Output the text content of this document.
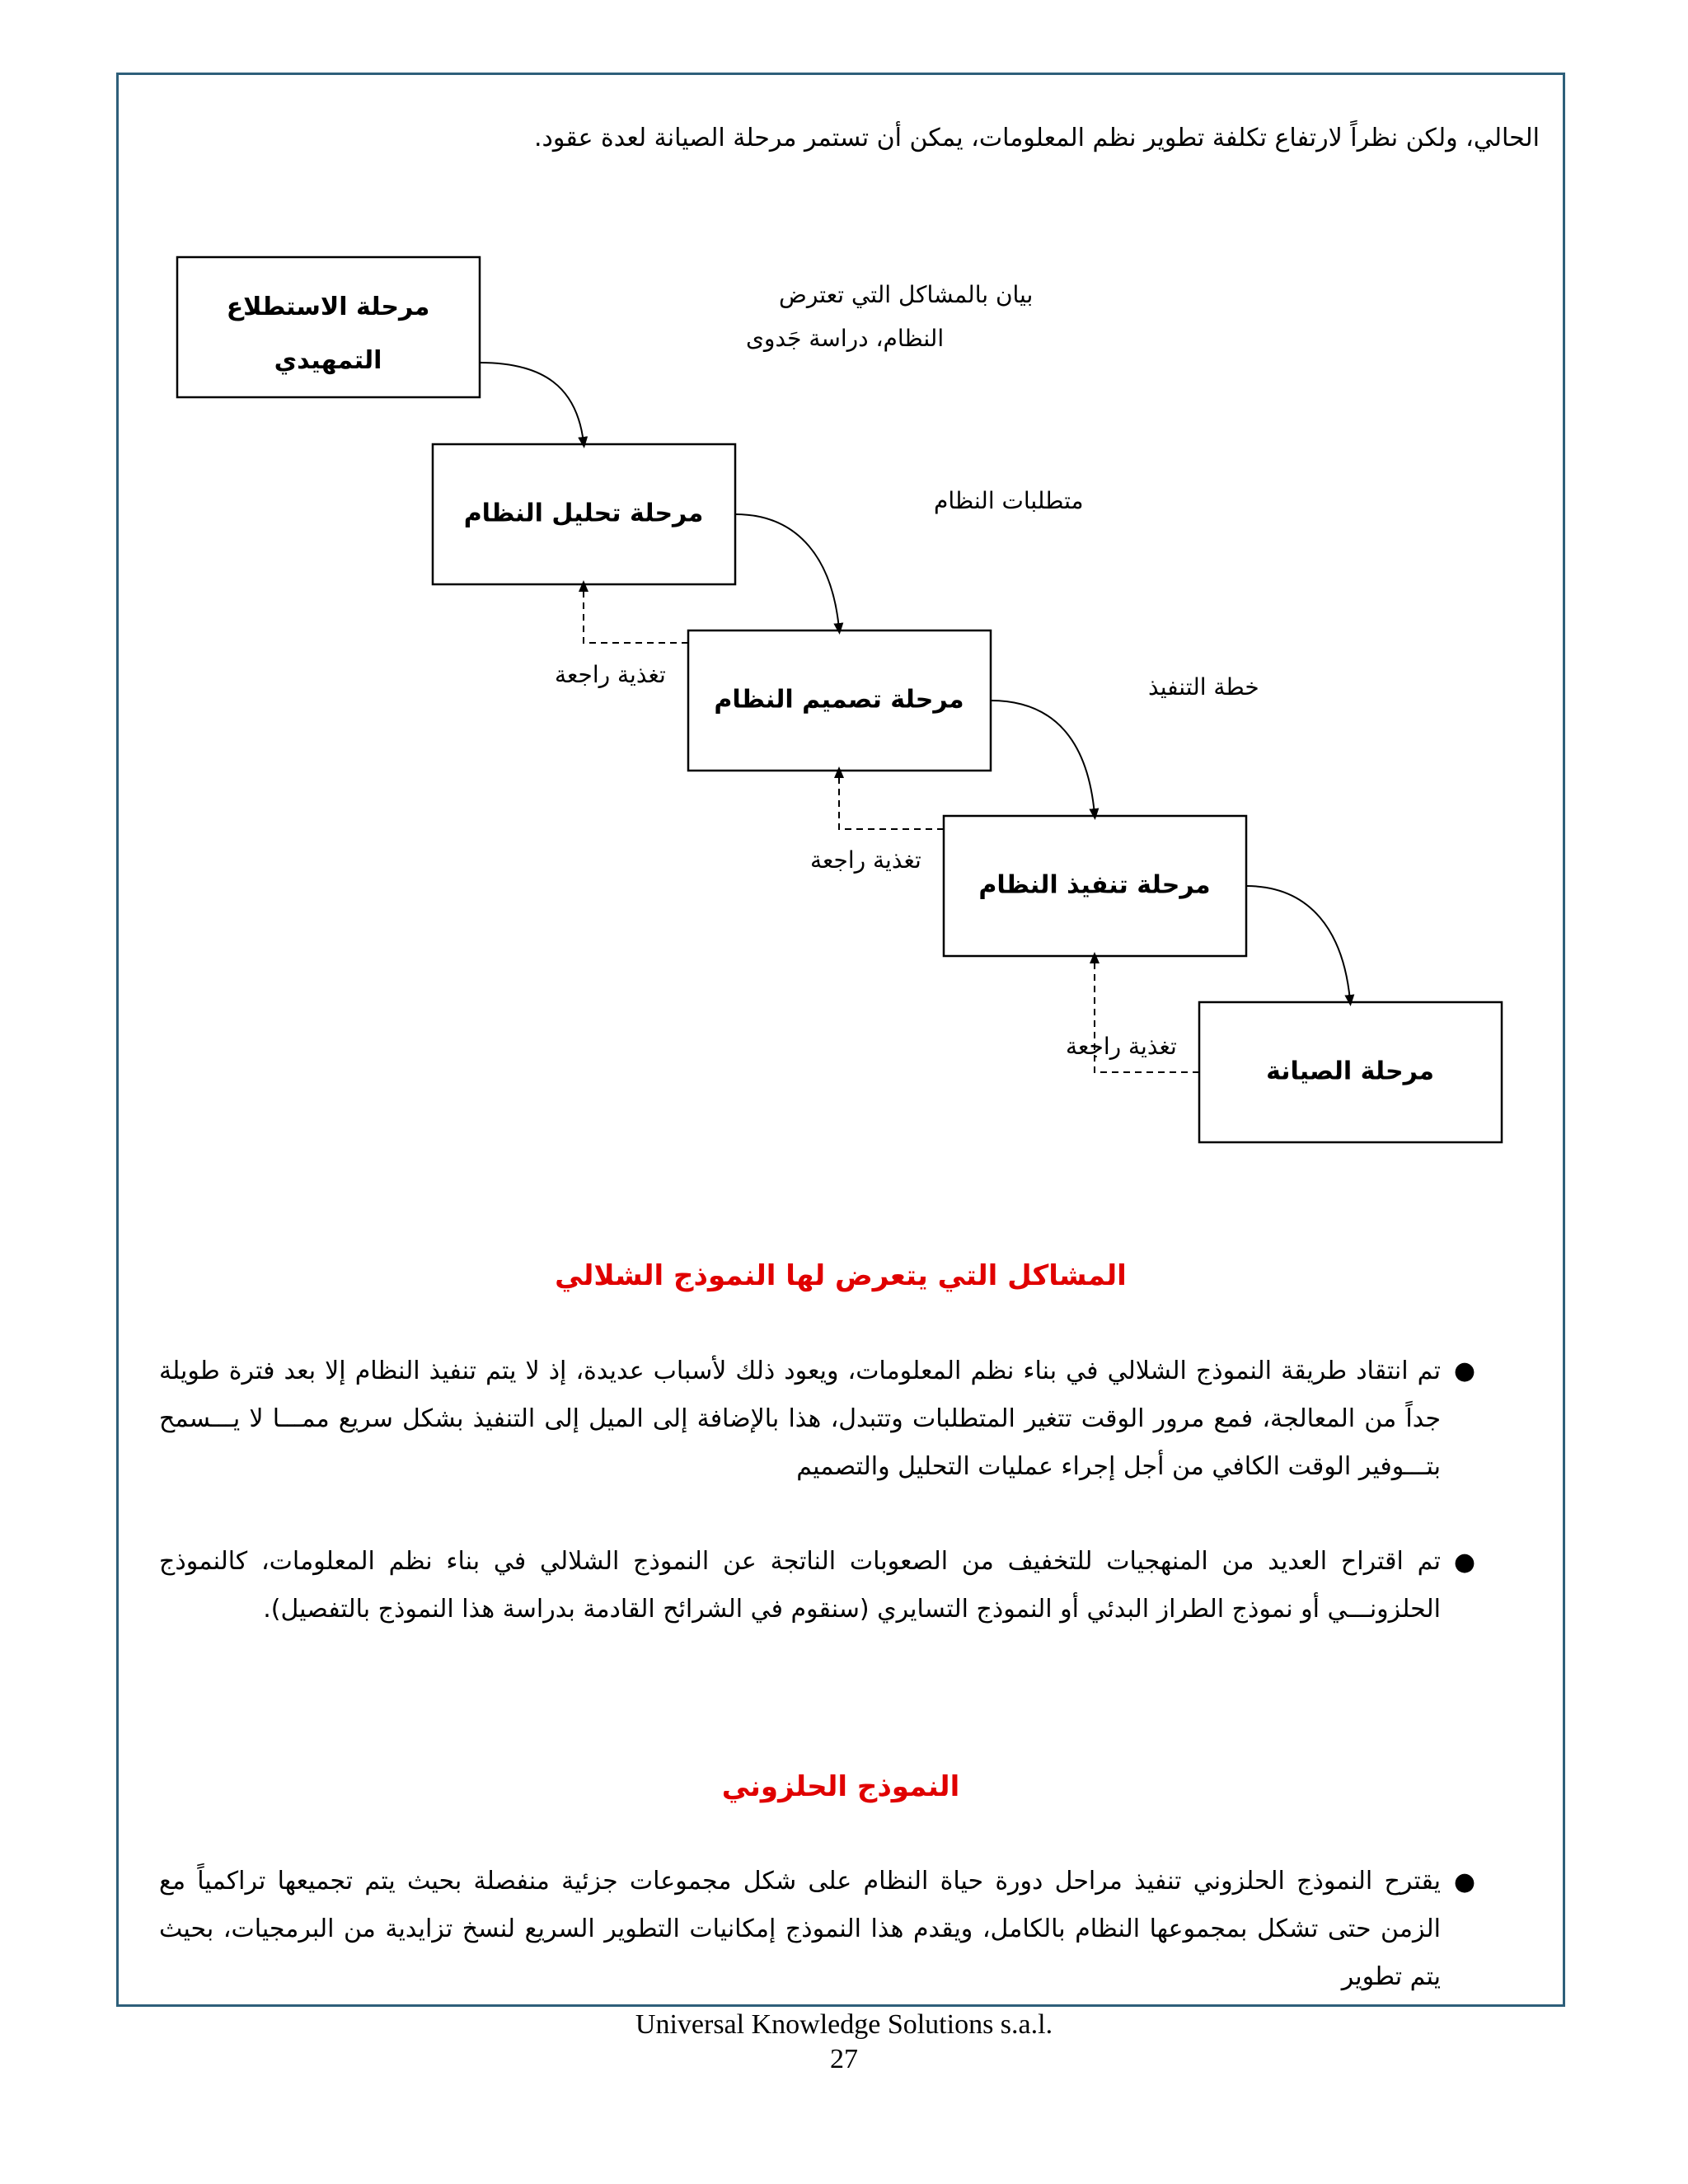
الحالي، ولكن نظراً لارتفاع تكلفة تطوير نظم المعلومات، يمكن أن تستمر مرحلة الصيانة لعدة عقود.
مرحلة الاستطلاع
التمهيدي
مرحلة تحليل النظام
مرحلة تصميم النظام
مرحلة تنفيذ النظام
مرحلة الصيانة
بيان بالمشاكل التي تعترض
النظام، دراسة جَدوى
متطلبات النظام
خطة التنفيذ
تغذية راجعة
تغذية راجعة
تغذية راجعة
المشاكل التي يتعرض لها النموذج الشلالي
●
تم انتقاد طريقة النموذج الشلالي في بناء نظم المعلومات، ويعود ذلك لأسباب عديدة، إذ لا يتم تنفيذ النظام إلا بعد فترة طويلة جداً من المعالجة، فمع مرور الوقت تتغير المتطلبات وتتبدل، هذا بالإضافة إلى الميل إلى التنفيذ بشكل سريع ممـــا لا يـــسمح بتـــوفير الوقت الكافي من أجل إجراء عمليات التحليل والتصميم
●
تم اقتراح العديد من المنهجيات للتخفيف من الصعوبات الناتجة عن النموذج الشلالي في بناء نظم المعلومات، كالنموذج الحلزونـــي أو نموذج الطراز البدئي أو النموذج التسايري (سنقوم في الشرائح القادمة بدراسة هذا النموذج بالتفصيل).
النموذج الحلزوني
●
يقترح النموذج الحلزوني تنفيذ مراحل دورة حياة النظام على شكل مجموعات جزئية منفصلة بحيث يتم تجميعها تراكمياً مع الزمن حتى تشكل بمجموعها النظام بالكامل، ويقدم هذا النموذج إمكانيات التطوير السريع لنسخ تزايدية من البرمجيات، بحيث يتم تطوير
Universal Knowledge Solutions s.a.l.
27
